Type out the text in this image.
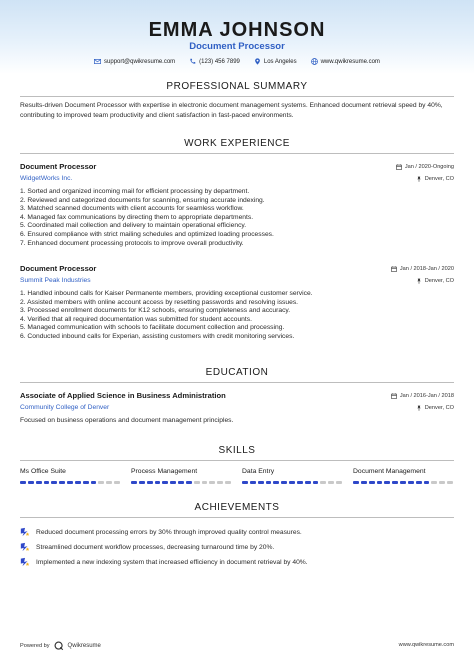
EMMA JOHNSON
Document Processor
support@qwikresume.com	(123) 456 7899	Los Angeles	www.qwikresume.com
PROFESSIONAL SUMMARY
Results-driven Document Processor with expertise in electronic document management systems. Enhanced document retrieval speed by 40%, contributing to improved team productivity and client satisfaction in fast-paced environments.
WORK EXPERIENCE
Document Processor	Jan / 2020-Ongoing
WidgetWorks Inc.	Denver, CO
1. Sorted and organized incoming mail for efficient processing by department.
2. Reviewed and categorized documents for scanning, ensuring accurate indexing.
3. Matched scanned documents with client accounts for seamless workflow.
4. Managed fax communications by directing them to appropriate departments.
5. Coordinated mail collection and delivery to maintain operational efficiency.
6. Ensured compliance with strict mailing schedules and optimized loading processes.
7. Enhanced document processing protocols to improve overall productivity.
Document Processor	Jan / 2018-Jan / 2020
Summit Peak Industries	Denver, CO
1. Handled inbound calls for Kaiser Permanente members, providing exceptional customer service.
2. Assisted members with online account access by resetting passwords and resolving issues.
3. Processed enrollment documents for K12 schools, ensuring completeness and accuracy.
4. Verified that all required documentation was submitted for student accounts.
5. Managed communication with schools to facilitate document collection and processing.
6. Conducted inbound calls for Experian, assisting customers with credit monitoring services.
EDUCATION
Associate of Applied Science in Business Administration	Jan / 2016-Jan / 2018
Community College of Denver	Denver, CO
Focused on business operations and document management principles.
SKILLS
Ms Office Suite	Process Management	Data Entry	Document Management
ACHIEVEMENTS
Reduced document processing errors by 30% through improved quality control measures.
Streamlined document workflow processes, decreasing turnaround time by 20%.
Implemented a new indexing system that increased efficiency in document retrieval by 40%.
Powered by	Qwikresume	www.qwikresume.com
